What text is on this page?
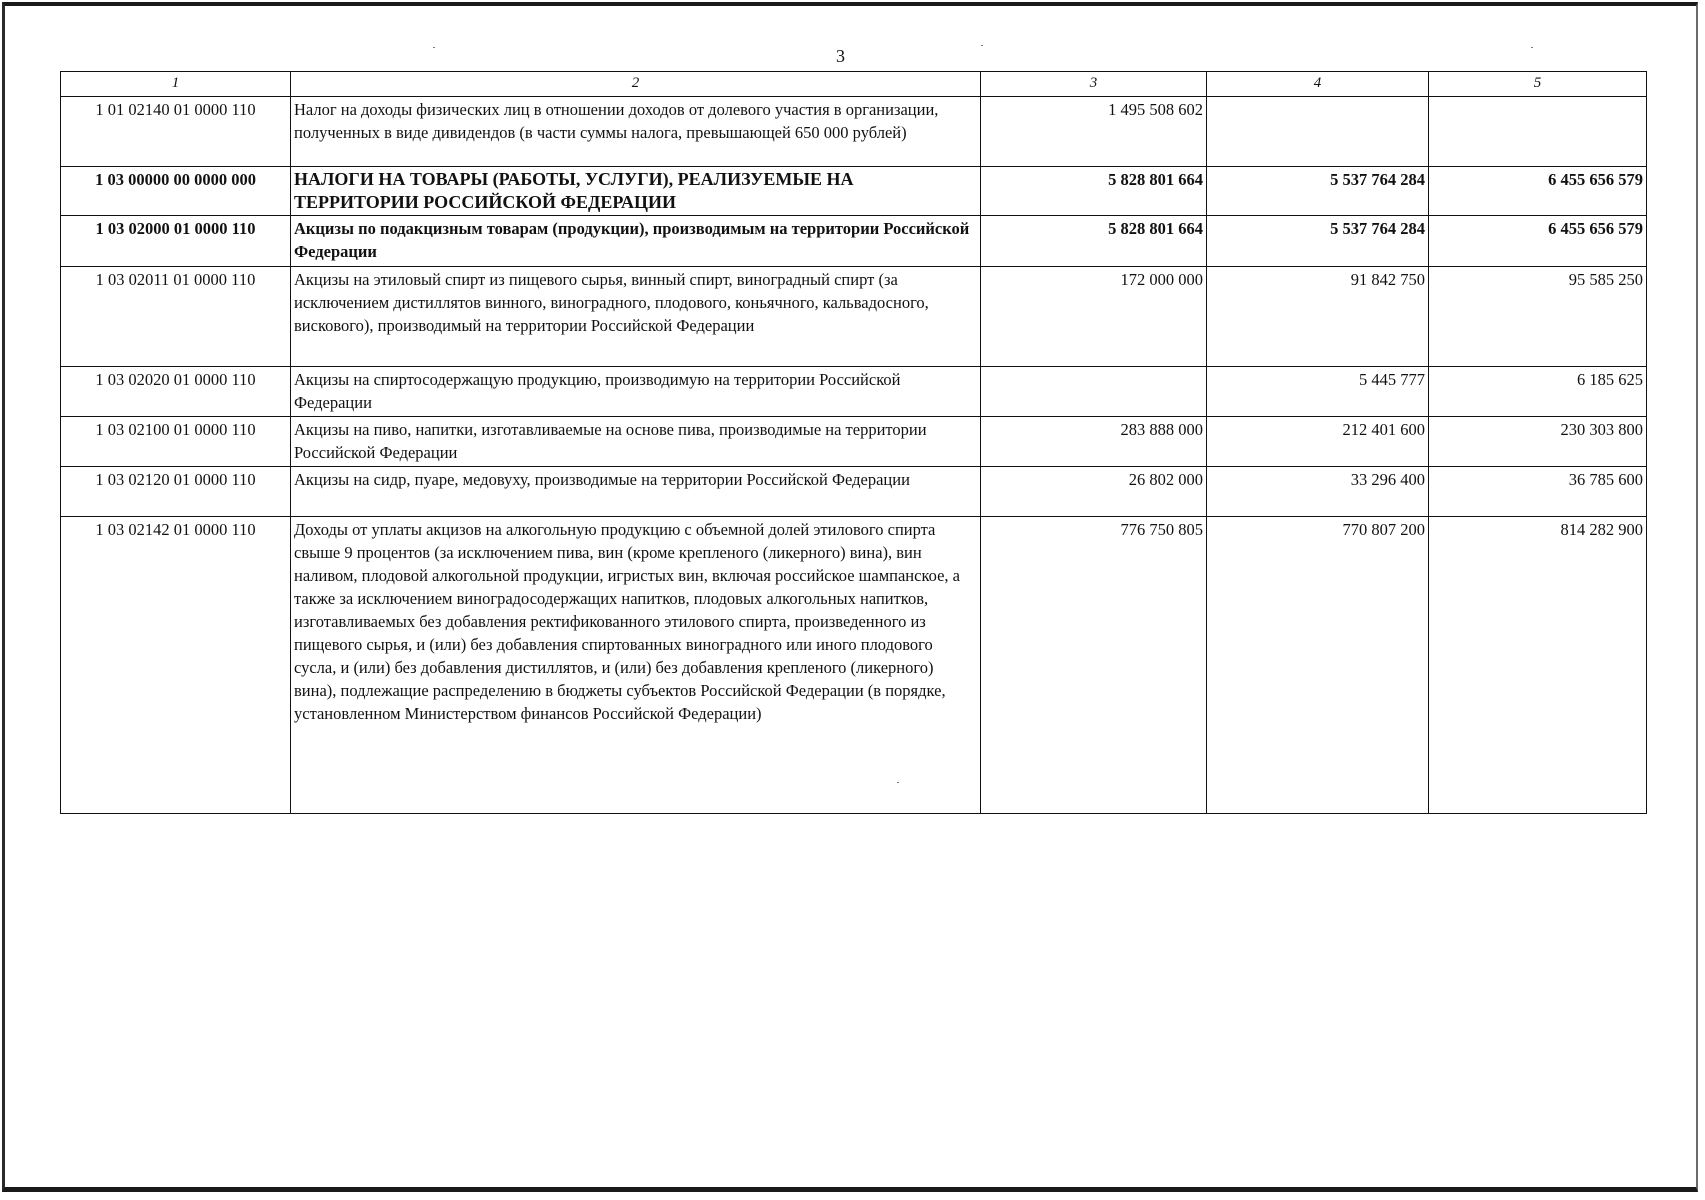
3
1	2	3	4	5
1 01 02140 01 0000 110	Налог на доходы физических лиц в отношении доходов от долевого участия в организации, полученных в виде дивидендов (в части суммы налога, превышающей 650 000 рублей)	1 495 508 602		
1 03 00000 00 0000 000	НАЛОГИ НА ТОВАРЫ (РАБОТЫ, УСЛУГИ), РЕАЛИЗУЕМЫЕ НА ТЕРРИТОРИИ РОССИЙСКОЙ ФЕДЕРАЦИИ	5 828 801 664	5 537 764 284	6 455 656 579
1 03 02000 01 0000 110	Акцизы по подакцизным товарам (продукции), производимым на территории Российской Федерации	5 828 801 664	5 537 764 284	6 455 656 579
1 03 02011 01 0000 110	Акцизы на этиловый спирт из пищевого сырья, винный спирт, виноградный спирт (за исключением дистиллятов винного, виноградного, плодового, коньячного, кальвадосного, вискового), производимый на территории Российской Федерации	172 000 000	91 842 750	95 585 250
1 03 02020 01 0000 110	Акцизы на спиртосодержащую продукцию, производимую на территории Российской Федерации		5 445 777	6 185 625
1 03 02100 01 0000 110	Акцизы на пиво, напитки, изготавливаемые на основе пива, производимые на территории Российской Федерации	283 888 000	212 401 600	230 303 800
1 03 02120 01 0000 110	Акцизы на сидр, пуаре, медовуху, производимые на территории Российской Федерации	26 802 000	33 296 400	36 785 600
1 03 02142 01 0000 110	Доходы от уплаты акцизов на алкогольную продукцию с объемной долей этилового спирта свыше 9 процентов (за исключением пива, вин (кроме крепленого (ликерного) вина), вин наливом, плодовой алкогольной продукции, игристых вин, включая российское шампанское, а также за исключением виноградосодержащих напитков, плодовых алкогольных напитков, изготавливаемых без добавления ректификованного этилового спирта, произведенного из пищевого сырья, и (или) без добавления спиртованных виноградного или иного плодового сусла, и (или) без добавления дистиллятов, и (или) без добавления крепленого (ликерного) вина), подлежащие распределению в бюджеты субъектов Российской Федерации (в порядке, установленном Министерством финансов Российской Федерации)	776 750 805	770 807 200	814 282 900
